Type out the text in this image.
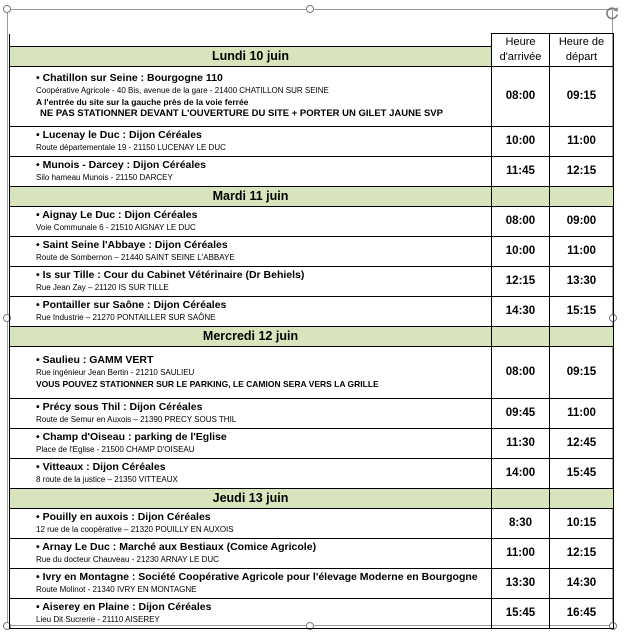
	Heure d'arrivée	Heure de départ
Lundi 10 juin		

• Chatillon sur Seine : Bourgogne 110
Coopérative Agricole - 40 Bis, avenue de la gare - 21400 CHATILLON SUR SEINE
A l'entrée du site sur la gauche près de la voie ferrée
NE PAS STATIONNER DEVANT L'OUVERTURE DU SITE + PORTER UN GILET JAUNE SVP	08:00	09:15

• Lucenay le Duc : Dijon Céréales
Route départementale 19 - 21150 LUCENAY LE DUC	10:00	11:00

• Munois - Darcey : Dijon Céréales
Silo hameau Munois - 21150 DARCEY	11:45	12:15
Mardi 11 juin		

• Aignay Le Duc : Dijon Céréales
Voie Communale 6 - 21510 AIGNAY LE DUC	08:00	09:00

• Saint Seine l'Abbaye : Dijon Céréales
Route de Sombernon – 21440 SAINT SEINE L'ABBAYE	10:00	11:00

• Is sur Tille : Cour du Cabinet Vétérinaire (Dr Behiels)
Rue Jean Zay – 21120 IS SUR TILLE	12:15	13:30

• Pontailler sur Saône : Dijon Céréales
Rue Industrie – 21270 PONTAILLER SUR SAÔNE	14:30	15:15
Mercredi 12 juin		

• Saulieu : GAMM VERT
Rue ingénieur Jean Bertin - 21210 SAULIEU
VOUS POUVEZ STATIONNER SUR LE PARKING, LE CAMION SERA VERS LA GRILLE	08:00	09:15

• Précy sous Thil : Dijon Céréales
Route de Semur en Auxois – 21390 PRECY SOUS THIL	09:45	11:00

• Champ d'Oiseau : parking de l'Eglise
Place de l'Eglise - 21500 CHAMP D'OISEAU	11:30	12:45

• Vitteaux : Dijon Céréales
8 route de la justice – 21350 VITTEAUX	14:00	15:45
Jeudi 13 juin		

• Pouilly en auxois : Dijon Céréales
12 rue de la coopérative – 21320 POUILLY EN AUXOIS	8:30	10:15

• Arnay Le Duc : Marché aux Bestiaux (Comice Agricole)
Rue du docteur Chauveau - 21230 ARNAY LE DUC	11:00	12:15

• Ivry en Montagne : Société Coopérative Agricole pour l'élevage Moderne en Bourgogne
Route Molinot - 21340 IVRY EN MONTAGNE	13:30	14:30

• Aiserey en Plaine : Dijon Céréales
Lieu Dit Sucrerie - 21110 AISEREY	15:45	16:45
